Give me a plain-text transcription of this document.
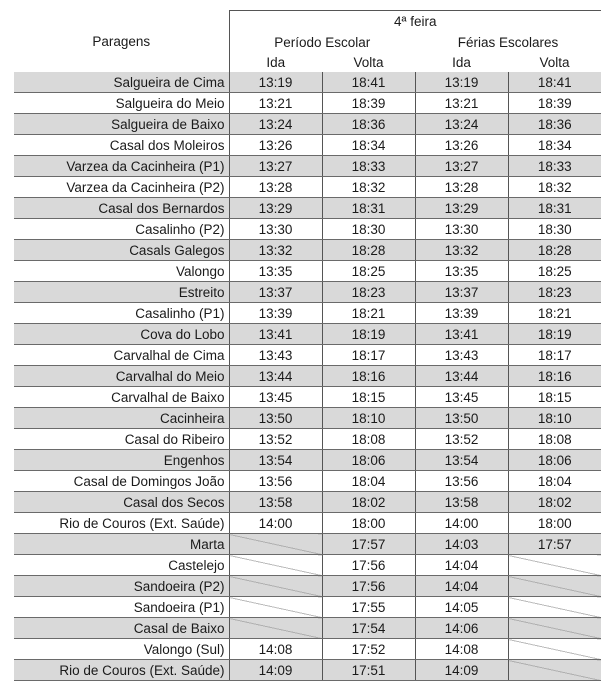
Paragens	4ª feira			
	Período Escolar		Férias Escolares	
	Ida	Volta	Ida	Volta
Salgueira de Cima	13:19	18:41	13:19	18:41
Salgueira do Meio	13:21	18:39	13:21	18:39
Salgueira de Baixo	13:24	18:36	13:24	18:36
Casal dos Moleiros	13:26	18:34	13:26	18:34
Varzea da Cacinheira (P1)	13:27	18:33	13:27	18:33
Varzea da Cacinheira (P2)	13:28	18:32	13:28	18:32
Casal dos Bernardos	13:29	18:31	13:29	18:31
Casalinho (P2)	13:30	18:30	13:30	18:30
Casals Galegos	13:32	18:28	13:32	18:28
Valongo	13:35	18:25	13:35	18:25
Estreito	13:37	18:23	13:37	18:23
Casalinho (P1)	13:39	18:21	13:39	18:21
Cova do Lobo	13:41	18:19	13:41	18:19
Carvalhal de Cima	13:43	18:17	13:43	18:17
Carvalhal do Meio	13:44	18:16	13:44	18:16
Carvalhal de Baixo	13:45	18:15	13:45	18:15
Cacinheira	13:50	18:10	13:50	18:10
Casal do Ribeiro	13:52	18:08	13:52	18:08
Engenhos	13:54	18:06	13:54	18:06
Casal de Domingos João	13:56	18:04	13:56	18:04
Casal dos Secos	13:58	18:02	13:58	18:02
Rio de Couros (Ext. Saúde)	14:00	18:00	14:00	18:00
Marta		17:57	14:03	17:57
Castelejo		17:56	14:04	
Sandoeira (P2)		17:56	14:04	
Sandoeira (P1)		17:55	14:05	
Casal de Baixo		17:54	14:06	
Valongo (Sul)	14:08	17:52	14:08	
Rio de Couros (Ext. Saúde)	14:09	17:51	14:09	
